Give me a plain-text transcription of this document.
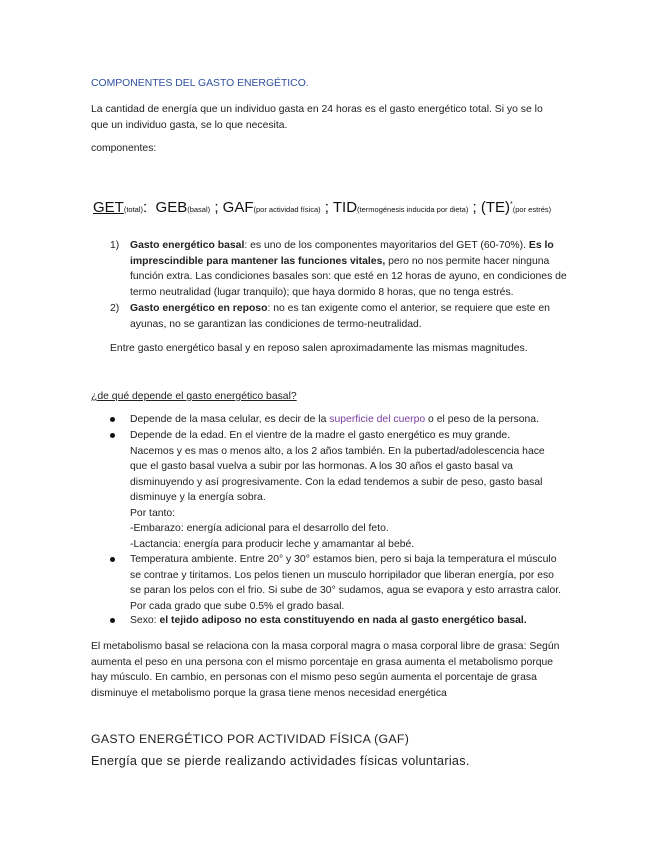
COMPONENTES DEL GASTO ENERGÉTICO.
La cantidad de energía que un individuo gasta en 24 horas es el gasto energético total. Si yo se lo que un individuo gasta, se lo que necesita.
componentes:
GET(total): GEB(basal) ; GAF(por actividad física) ; TID(termogénesis inducida por dieta) ; (TE)*(por estrés)
1) Gasto energético basal: es uno de los componentes mayoritarios del GET (60-70%). Es lo imprescindible para mantener las funciones vitales, pero no nos permite hacer ninguna función extra. Las condiciones basales son: que esté en 12 horas de ayuno, en condiciones de termo neutralidad (lugar tranquilo); que haya dormido 8 horas, que no tenga estrés.
2) Gasto energético en reposo: no es tan exigente como el anterior, se requiere que este en ayunas, no se garantizan las condiciones de termo-neutralidad.
Entre gasto energético basal y en reposo salen aproximadamente las mismas magnitudes.
¿de qué depende el gasto energético basal?
Depende de la masa celular, es decir de la superficie del cuerpo o el peso de la persona.
Depende de la edad. En el vientre de la madre el gasto energético es muy grande.
Nacemos y es mas o menos alto, a los 2 años también. En la pubertad/adolescencia hace
que el gasto basal vuelva a subir por las hormonas. A los 30 años el gasto basal va
disminuyendo y así progresivamente. Con la edad tendemos a subir de peso, gasto basal
disminuye y la energía sobra.
Por tanto:
-Embarazo: energía adicional para el desarrollo del feto.
-Lactancia: energía para producir leche y amamantar al bebé.
Temperatura ambiente. Entre 20° y 30° estamos bien, pero si baja la temperatura el músculo se contrae y tiritamos. Los pelos tienen un musculo horripilador que liberan energía, por eso se paran los pelos con el frio. Si sube de 30° sudamos, agua se evapora y esto arrastra calor. Por cada grado que sube 0.5% el grado basal.
Sexo: el tejido adiposo no esta constituyendo en nada al gasto energético basal.
El metabolismo basal se relaciona con la masa corporal magra o masa corporal libre de grasa: Según aumenta el peso en una persona con el mismo porcentaje en grasa aumenta el metabolismo porque hay músculo. En cambio, en personas con el mismo peso según aumenta el porcentaje de grasa disminuye el metabolismo porque la grasa tiene menos necesidad energética
GASTO ENERGÉTICO POR ACTIVIDAD FÍSICA (GAF)
Energía que se pierde realizando actividades físicas voluntarias.
